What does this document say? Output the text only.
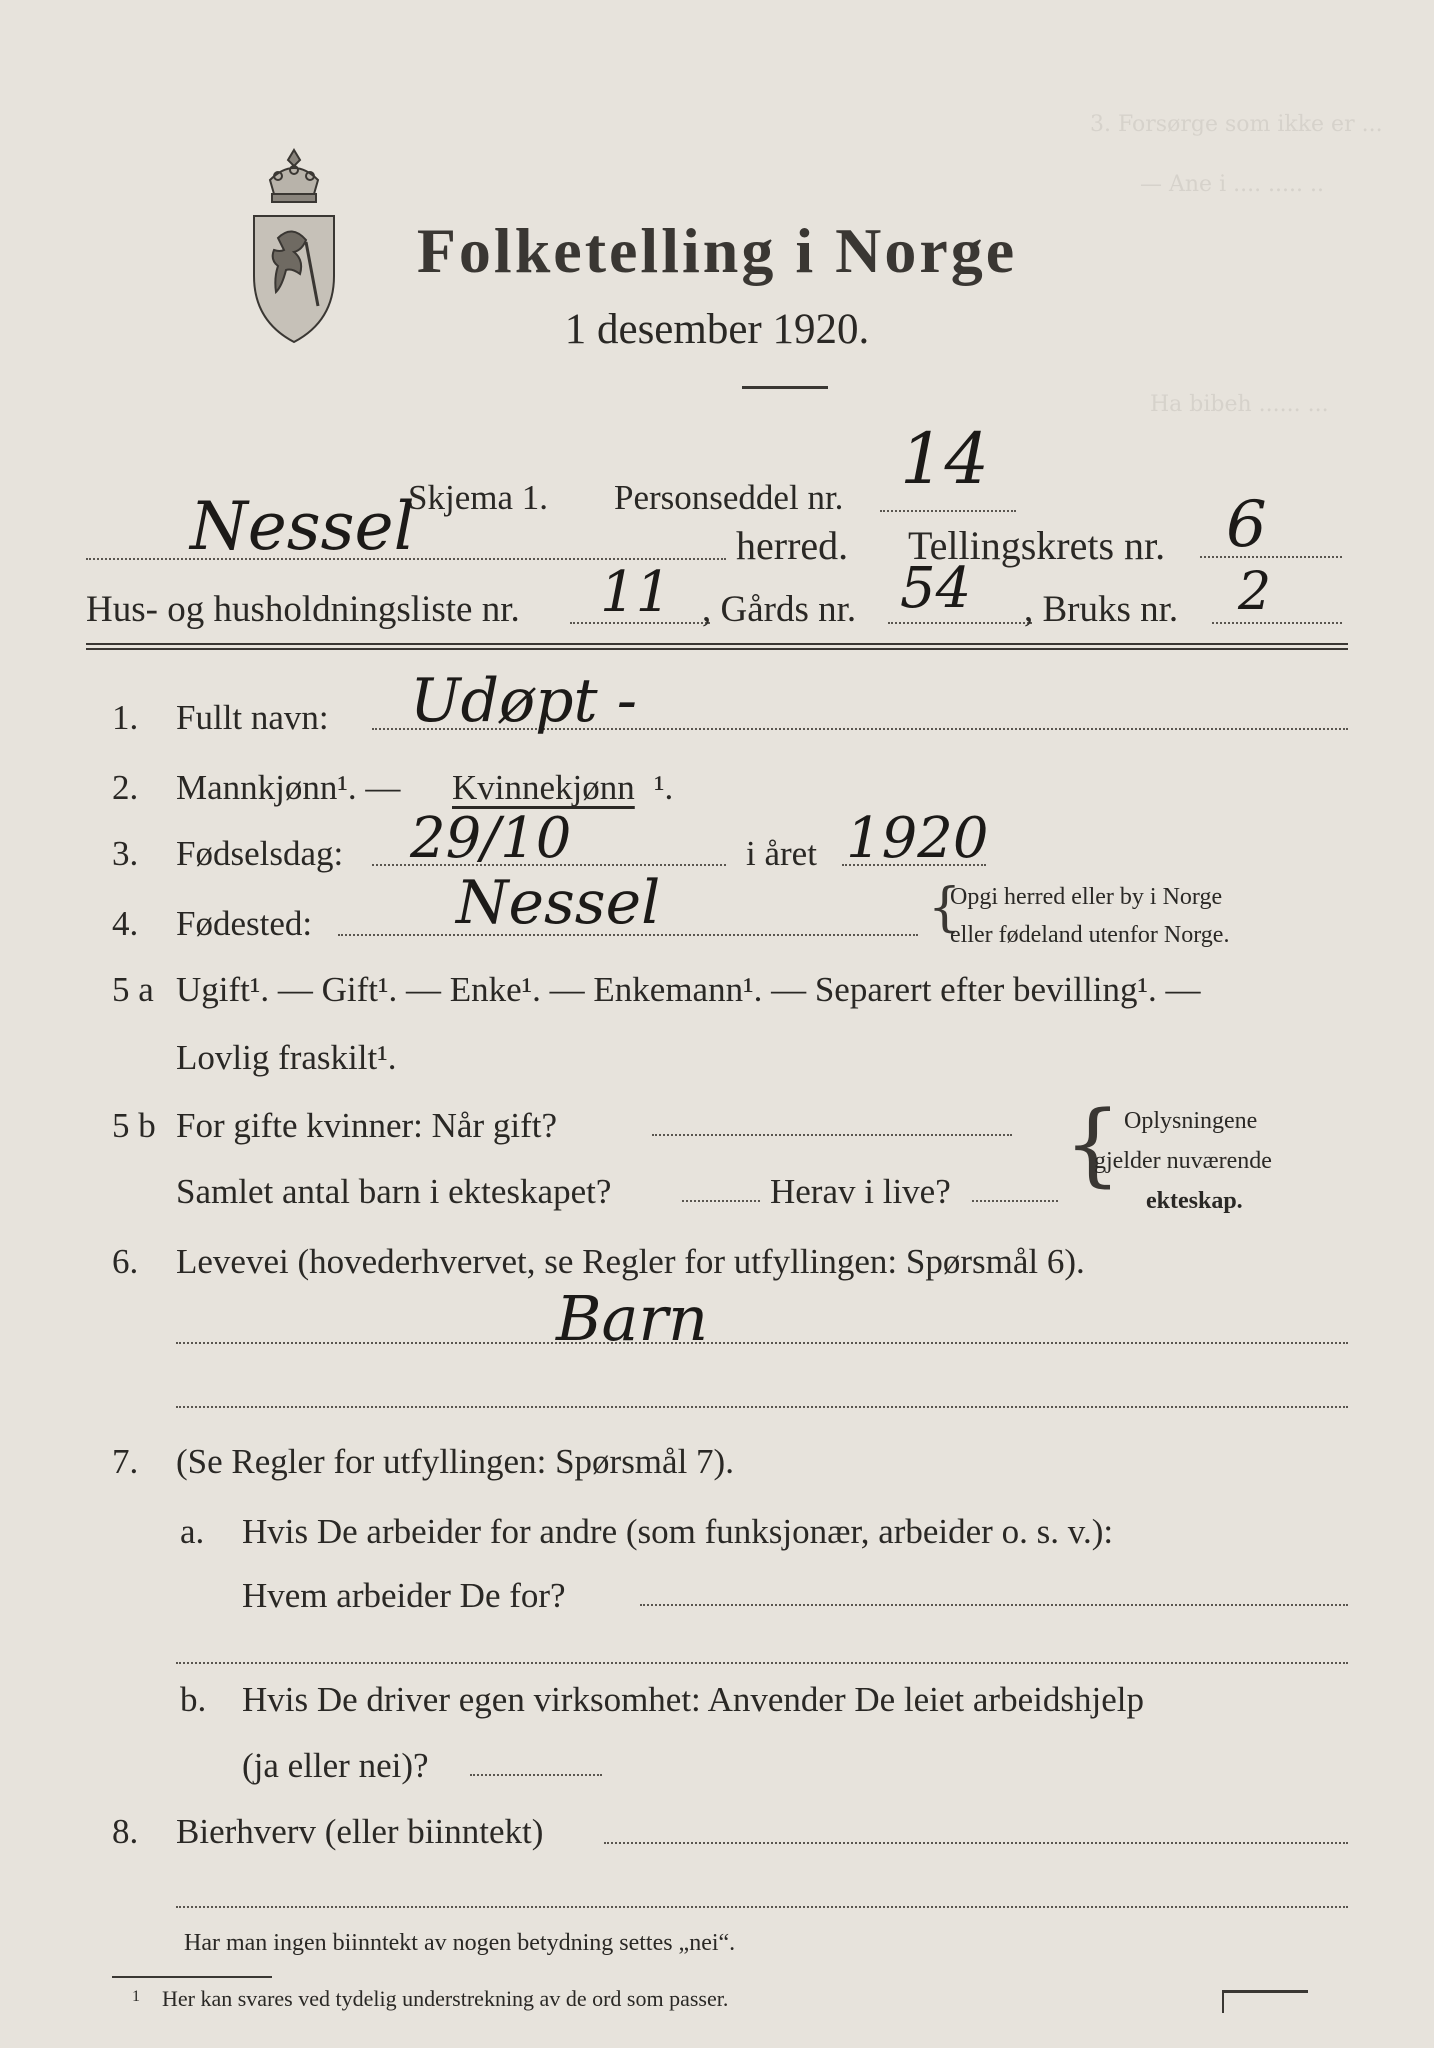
3. Forsørge som ikke er ...
— Ane i .... ..... ..
Ha bibeh ...... ...
Folketelling i Norge
1 desember 1920.
Skjema 1. Personseddel nr. 14
Nessel	herred. Tellingskrets nr. 6
Hus- og husholdningsliste nr. 11 , Gårds nr. 54 , Bruks nr. 2
1. Fullt navn: Udøpt -
2. Mannkjønn¹. — Kvinnekjønn ¹.
3. Fødselsdag: 29/10	i året 1920
4. Fødested: Nessel	{
Opgi herred eller by i Norge
eller fødeland utenfor Norge.
5 a Ugift¹. — Gift¹. — Enke¹. — Enkemann¹. — Separert efter bevilling¹. —
Lovlig fraskilt¹.
5 b For gifte kvinner: Når gift?
Samlet antal barn i ekteskapet?	Herav i live? { Oplysningene
gjelder nuværende
ekteskap.
6. Levevei (hovederhvervet, se Regler for utfyllingen: Spørsmål 6).
Barn
7. (Se Regler for utfyllingen: Spørsmål 7).
a. Hvis De arbeider for andre (som funksjonær, arbeider o. s. v.):
Hvem arbeider De for?
b. Hvis De driver egen virksomhet: Anvender De leiet arbeidshjelp
(ja eller nei)?
8. Bierhverv (eller biinntekt)
Har man ingen biinntekt av nogen betydning settes „nei“.
1 Her kan svares ved tydelig understrekning av de ord som passer.
